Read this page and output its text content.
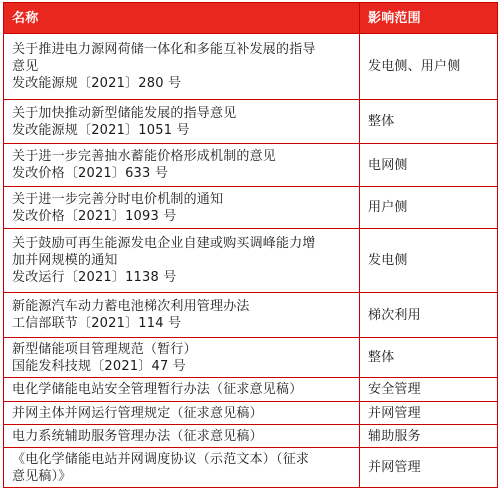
名称	影响范围

关于推进电力源网荷储一体化和多能互补发展的指导
意见
发改能源规〔2021〕280 号	发电侧、用户侧

关于加快推动新型储能发展的指导意见
发改能源规〔2021〕1051 号	整体

关于进一步完善抽水蓄能价格形成机制的意见
发改价格〔2021〕633 号	电网侧

关于进一步完善分时电价机制的通知
发改价格〔2021〕1093 号	用户侧

关于鼓励可再生能源发电企业自建或购买调峰能力增
加并网规模的通知
发改运行〔2021〕1138 号	发电侧

新能源汽车动力蓄电池梯次利用管理办法
工信部联节〔2021〕114 号	梯次利用

新型储能项目管理规范（暂行）
国能发科技规〔2021〕47 号	整体

电化学储能电站安全管理暂行办法（征求意见稿）	安全管理

并网主体并网运行管理规定（征求意见稿）	并网管理

电力系统辅助服务管理办法（征求意见稿）	辅助服务

《电化学储能电站并网调度协议（示范文本）（征求
意见稿）》	并网管理
